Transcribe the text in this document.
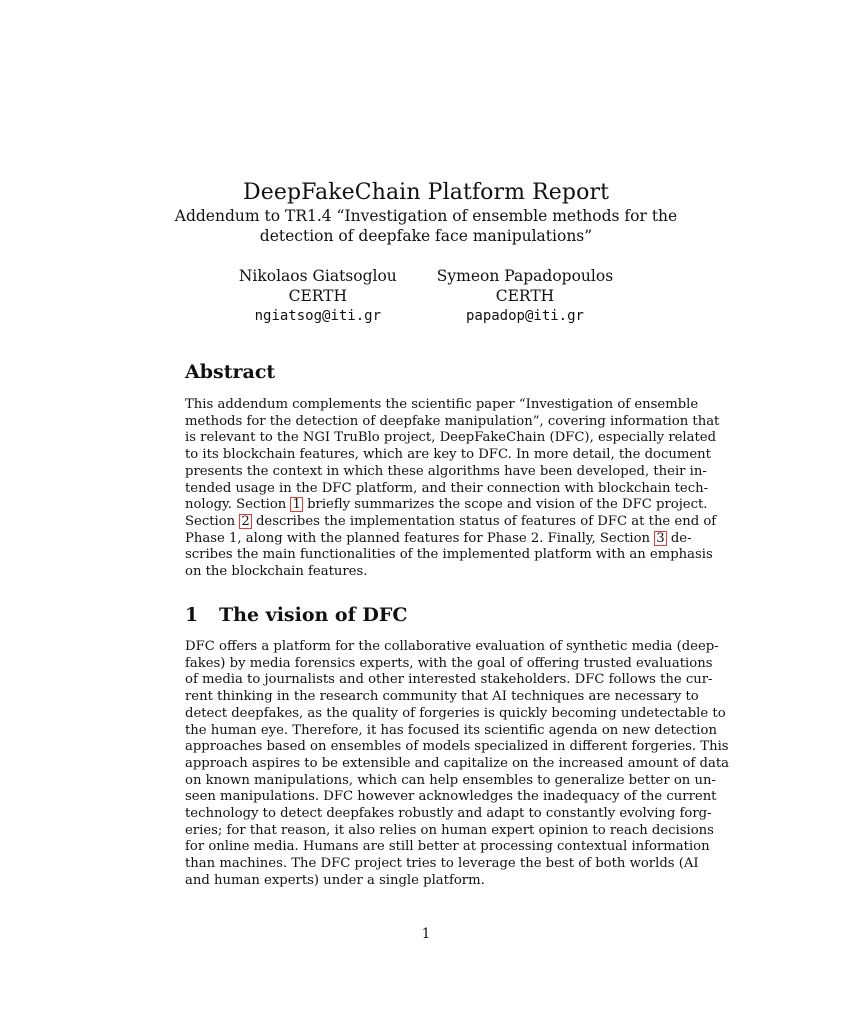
DeepFakeChain Platform Report
Addendum to TR1.4 “Investigation of ensemble methods for the
detection of deepfake face manipulations”
Nikolaos Giatsoglou
CERTH
ngiatsog@iti.gr
Symeon Papadopoulos
CERTH
papadop@iti.gr
Abstract
This addendum complements the scientific paper “Investigation of ensemble
methods for the detection of deepfake manipulation”, covering information that
is relevant to the NGI TruBlo project, DeepFakeChain (DFC), especially related
to its blockchain features, which are key to DFC. In more detail, the document
presents the context in which these algorithms have been developed, their in-
tended usage in the DFC platform, and their connection with blockchain tech-
nology. Section 1 briefly summarizes the scope and vision of the DFC project.
Section 2 describes the implementation status of features of DFC at the end of
Phase 1, along with the planned features for Phase 2. Finally, Section 3 de-
scribes the main functionalities of the implemented platform with an emphasis
on the blockchain features.
1 The vision of DFC
DFC offers a platform for the collaborative evaluation of synthetic media (deep-
fakes) by media forensics experts, with the goal of offering trusted evaluations
of media to journalists and other interested stakeholders. DFC follows the cur-
rent thinking in the research community that AI techniques are necessary to
detect deepfakes, as the quality of forgeries is quickly becoming undetectable to
the human eye. Therefore, it has focused its scientific agenda on new detection
approaches based on ensembles of models specialized in different forgeries. This
approach aspires to be extensible and capitalize on the increased amount of data
on known manipulations, which can help ensembles to generalize better on un-
seen manipulations. DFC however acknowledges the inadequacy of the current
technology to detect deepfakes robustly and adapt to constantly evolving forg-
eries; for that reason, it also relies on human expert opinion to reach decisions
for online media. Humans are still better at processing contextual information
than machines. The DFC project tries to leverage the best of both worlds (AI
and human experts) under a single platform.
1
